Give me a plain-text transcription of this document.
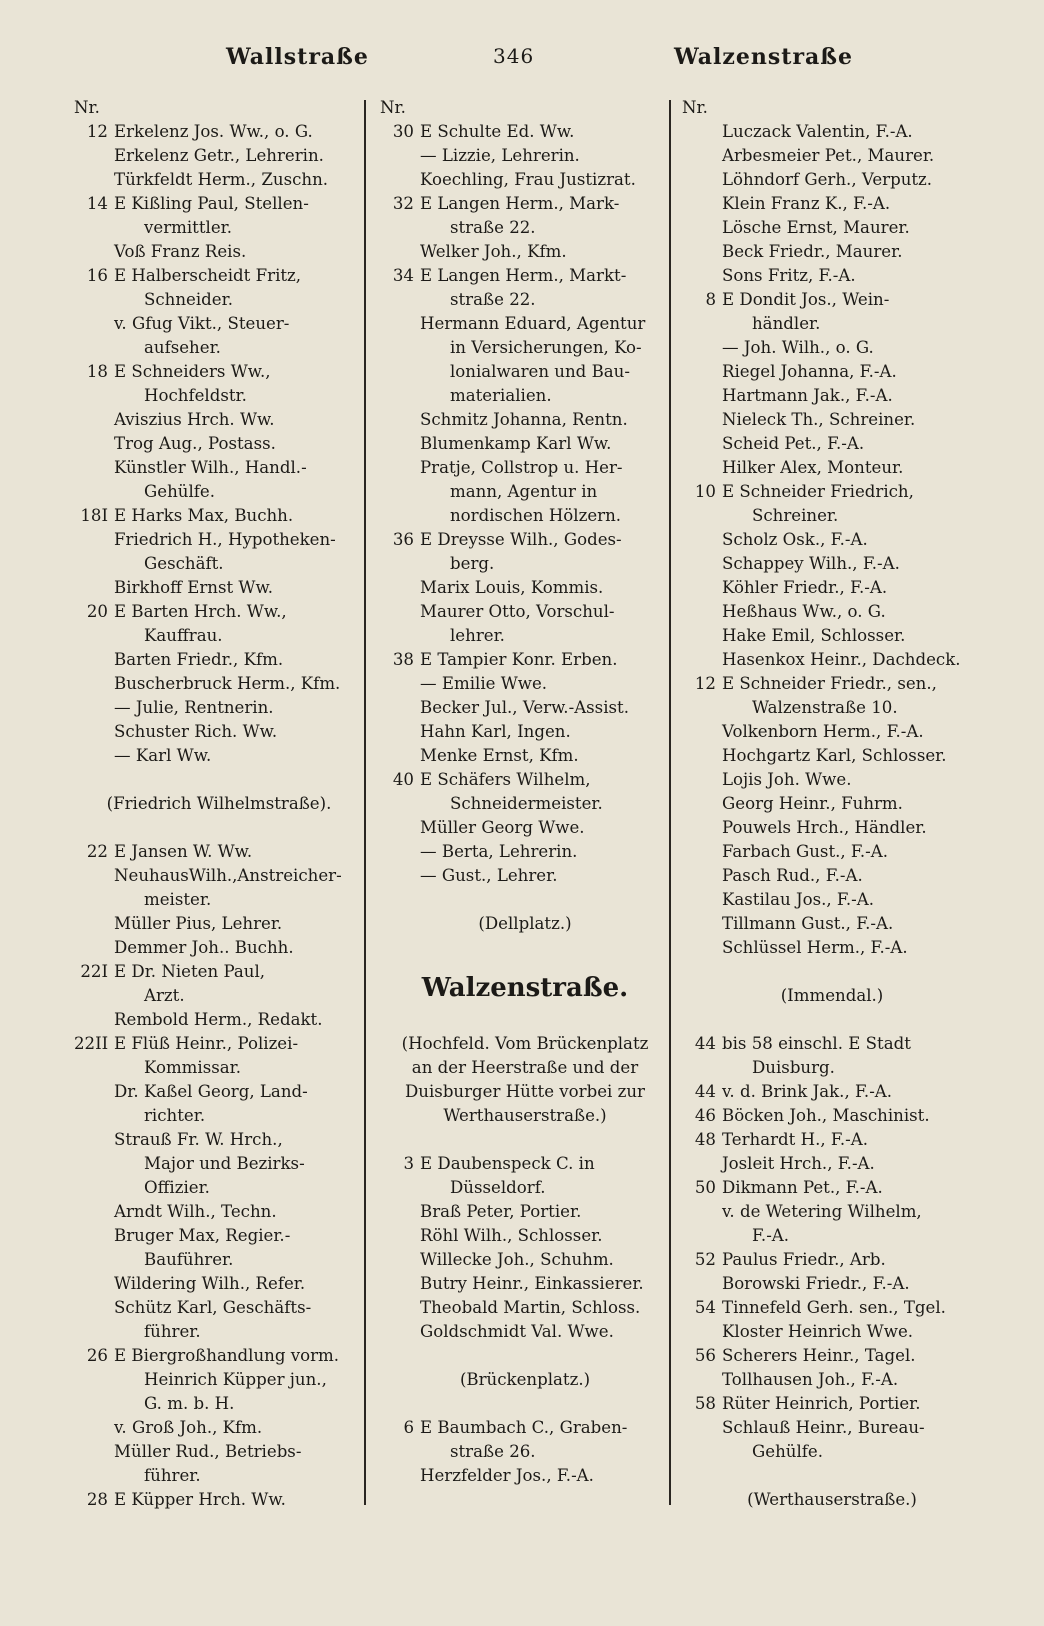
Wallstraße	346	Walzenstraße
Nr.
12 Erkelenz Jos. Ww., o. G.
Erkelenz Getr., Lehrerin.
Türkfeldt Herm., Zuschn.
14 E Kißling Paul, Stellen-
vermittler.
Voß Franz Reis.
16 E Halberscheidt Fritz,
Schneider.
v. Gfug Vikt., Steuer-
aufseher.
18 E Schneiders Ww.,
Hochfeldstr.
Aviszius Hrch. Ww.
Trog Aug., Postass.
Künstler Wilh., Handl.-
Gehülfe.
18I E Harks Max, Buchh.
Friedrich H., Hypotheken-
Geschäft.
Birkhoff Ernst Ww.
20 E Barten Hrch. Ww.,
Kauffrau.
Barten Friedr., Kfm.
Buscherbruck Herm., Kfm.
— Julie, Rentnerin.
Schuster Rich. Ww.
— Karl Ww.
(Friedrich Wilhelmstraße).
22 E Jansen W. Ww.
NeuhausWilh.,Anstreicher-
meister.
Müller Pius, Lehrer.
Demmer Joh.. Buchh.
22I E Dr. Nieten Paul,
Arzt.
Rembold Herm., Redakt.
22II E Flüß Heinr., Polizei-
Kommissar.
Dr. Kaßel Georg, Land-
richter.
Strauß Fr. W. Hrch.,
Major und Bezirks-
Offizier.
Arndt Wilh., Techn.
Bruger Max, Regier.-
Bauführer.
Wildering Wilh., Refer.
Schütz Karl, Geschäfts-
führer.
26 E Biergroßhandlung vorm.
Heinrich Küpper jun.,
G. m. b. H.
v. Groß Joh., Kfm.
Müller Rud., Betriebs-
führer.
28 E Küpper Hrch. Ww.
Nr.
30 E Schulte Ed. Ww.
— Lizzie, Lehrerin.
Koechling, Frau Justizrat.
32 E Langen Herm., Mark-
straße 22.
Welker Joh., Kfm.
34 E Langen Herm., Markt-
straße 22.
Hermann Eduard, Agentur
in Versicherungen, Ko-
lonialwaren und Bau-
materialien.
Schmitz Johanna, Rentn.
Blumenkamp Karl Ww.
Pratje, Collstrop u. Her-
mann, Agentur in
nordischen Hölzern.
36 E Dreysse Wilh., Godes-
berg.
Marix Louis, Kommis.
Maurer Otto, Vorschul-
lehrer.
38 E Tampier Konr. Erben.
— Emilie Wwe.
Becker Jul., Verw.-Assist.
Hahn Karl, Ingen.
Menke Ernst, Kfm.
40 E Schäfers Wilhelm,
Schneidermeister.
Müller Georg Wwe.
— Berta, Lehrerin.
— Gust., Lehrer.
(Dellplatz.)
Walzenstraße.
(Hochfeld. Vom Brückenplatz
an der Heerstraße und der
Duisburger Hütte vorbei zur
Werthauserstraße.)
3 E Daubenspeck C. in
Düsseldorf.
Braß Peter, Portier.
Röhl Wilh., Schlosser.
Willecke Joh., Schuhm.
Butry Heinr., Einkassierer.
Theobald Martin, Schloss.
Goldschmidt Val. Wwe.
(Brückenplatz.)
6 E Baumbach C., Graben-
straße 26.
Herzfelder Jos., F.-A.
Nr.
Luczack Valentin, F.-A.
Arbesmeier Pet., Maurer.
Löhndorf Gerh., Verputz.
Klein Franz K., F.-A.
Lösche Ernst, Maurer.
Beck Friedr., Maurer.
Sons Fritz, F.-A.
8 E Dondit Jos., Wein-
händler.
— Joh. Wilh., o. G.
Riegel Johanna, F.-A.
Hartmann Jak., F.-A.
Nieleck Th., Schreiner.
Scheid Pet., F.-A.
Hilker Alex, Monteur.
10 E Schneider Friedrich,
Schreiner.
Scholz Osk., F.-A.
Schappey Wilh., F.-A.
Köhler Friedr., F.-A.
Heßhaus Ww., o. G.
Hake Emil, Schlosser.
Hasenkox Heinr., Dachdeck.
12 E Schneider Friedr., sen.,
Walzenstraße 10.
Volkenborn Herm., F.-A.
Hochgartz Karl, Schlosser.
Lojis Joh. Wwe.
Georg Heinr., Fuhrm.
Pouwels Hrch., Händler.
Farbach Gust., F.-A.
Pasch Rud., F.-A.
Kastilau Jos., F.-A.
Tillmann Gust., F.-A.
Schlüssel Herm., F.-A.
(Immendal.)
44 bis 58 einschl. E Stadt
Duisburg.
44 v. d. Brink Jak., F.-A.
46 Böcken Joh., Maschinist.
48 Terhardt H., F.-A.
Josleit Hrch., F.-A.
50 Dikmann Pet., F.-A.
v. de Wetering Wilhelm,
F.-A.
52 Paulus Friedr., Arb.
Borowski Friedr., F.-A.
54 Tinnefeld Gerh. sen., Tgel.
Kloster Heinrich Wwe.
56 Scherers Heinr., Tagel.
Tollhausen Joh., F.-A.
58 Rüter Heinrich, Portier.
Schlauß Heinr., Bureau-
Gehülfe.
(Werthauserstraße.)
